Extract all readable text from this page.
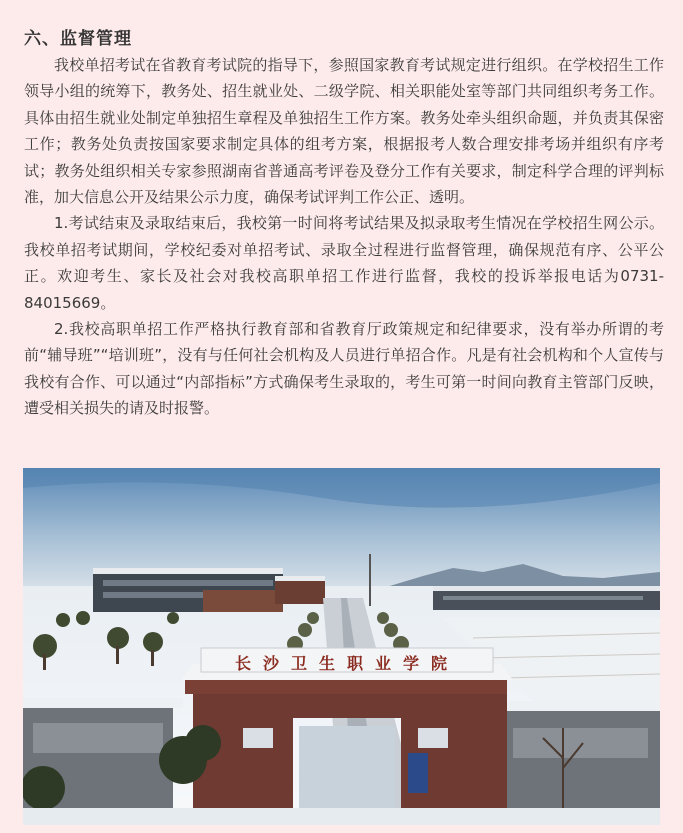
六、监督管理

我校单招考试在省教育考试院的指导下，参照国家教育考试规定进行组织。在学校招生工作领导小组的统筹下，教务处、招生就业处、二级学院、相关职能处室等部门共同组织考务工作。具体由招生就业处制定单独招生章程及单独招生工作方案。教务处牵头组织命题，并负责其保密工作；教务处负责按国家要求制定具体的组考方案，根据报考人数合理安排考场并组织有序考试；教务处组织相关专家参照湖南省普通高考评卷及登分工作有关要求，制定科学合理的评判标准，加大信息公开及结果公示力度，确保考试评判工作公正、透明。

1.考试结束及录取结束后，我校第一时间将考试结果及拟录取考生情况在学校招生网公示。我校单招考试期间，学校纪委对单招考试、录取全过程进行监督管理，确保规范有序、公平公正。欢迎考生、家长及社会对我校高职单招工作进行监督，我校的投诉举报电话为0731-84015669。

2.我校高职单招工作严格执行教育部和省教育厅政策规定和纪律要求，没有举办所谓的考前“辅导班”“培训班”，没有与任何社会机构及人员进行单招合作。凡是有社会机构和个人宣传与我校有合作、可以通过“内部指标”方式确保考生录取的，考生可第一时间向教育主管部门反映，遭受相关损失的请及时报警。

长沙卫生职业学院
